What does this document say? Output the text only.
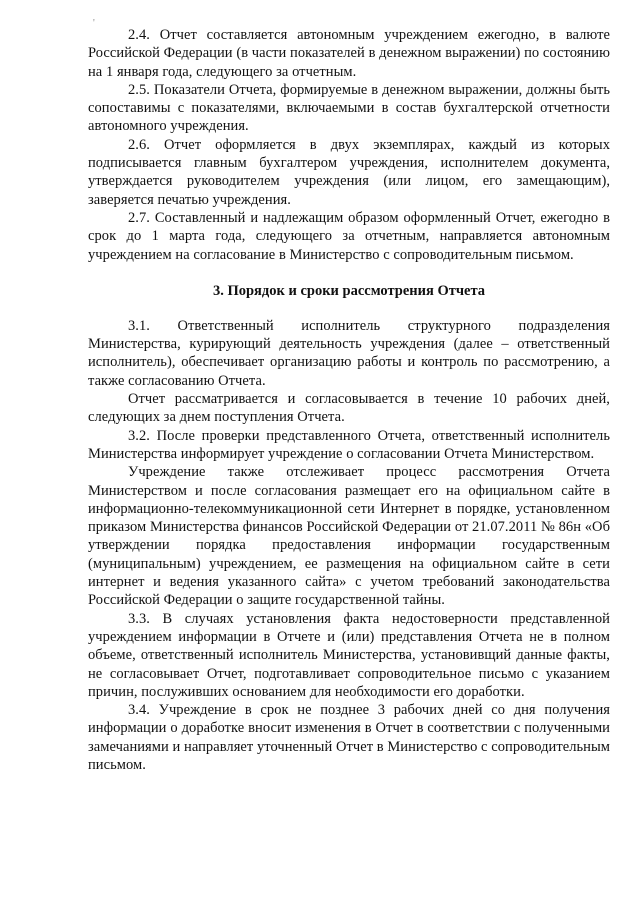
'

2.4. Отчет составляется автономным учреждением ежегодно, в валюте Российской Федерации (в части показателей в денежном выражении) по состоянию на 1 января года, следующего за отчетным.

2.5. Показатели Отчета, формируемые в денежном выражении, должны быть сопоставимы с показателями, включаемыми в состав бухгалтерской отчетности автономного учреждения.

2.6. Отчет оформляется в двух экземплярах, каждый из которых подписывается главным бухгалтером учреждения, исполнителем документа, утверждается руководителем учреждения (или лицом, его замещающим), заверяется печатью учреждения.

2.7. Составленный и надлежащим образом оформленный Отчет, ежегодно в срок до 1 марта года, следующего за отчетным, направляется автономным учреждением на согласование в Министерство с сопроводительным письмом.

3. Порядок и сроки рассмотрения Отчета

3.1. Ответственный исполнитель структурного подразделения Министерства, курирующий деятельность учреждения (далее – ответственный исполнитель), обеспечивает организацию работы и контроль по рассмотрению, а также согласованию Отчета.

Отчет рассматривается и согласовывается в течение 10 рабочих дней, следующих за днем поступления Отчета.

3.2. После проверки представленного Отчета, ответственный исполнитель Министерства информирует учреждение о согласовании Отчета Министерством.

Учреждение также отслеживает процесс рассмотрения Отчета Министерством и после согласования размещает его на официальном сайте в информационно-телекоммуникационной сети Интернет в порядке, установленном приказом Министерства финансов Российской Федерации от 21.07.2011 № 86н «Об утверждении порядка предоставления информации государственным (муниципальным) учреждением, ее размещения на официальном сайте в сети интернет и ведения указанного сайта» с учетом требований законодательства Российской Федерации о защите государственной тайны.

3.3. В случаях установления факта недостоверности представленной учреждением информации в Отчете и (или) представления Отчета не в полном объеме, ответственный исполнитель Министерства, установивщий данные факты, не согласовывает Отчет, подготавливает сопроводительное письмо с указанием причин, послуживших основанием для необходимости его доработки.

3.4. Учреждение в срок не позднее 3 рабочих дней со дня получения информации о доработке вносит изменения в Отчет в соответствии с полученными замечаниями и направляет уточненный Отчет в Министерство с сопроводительным письмом.
